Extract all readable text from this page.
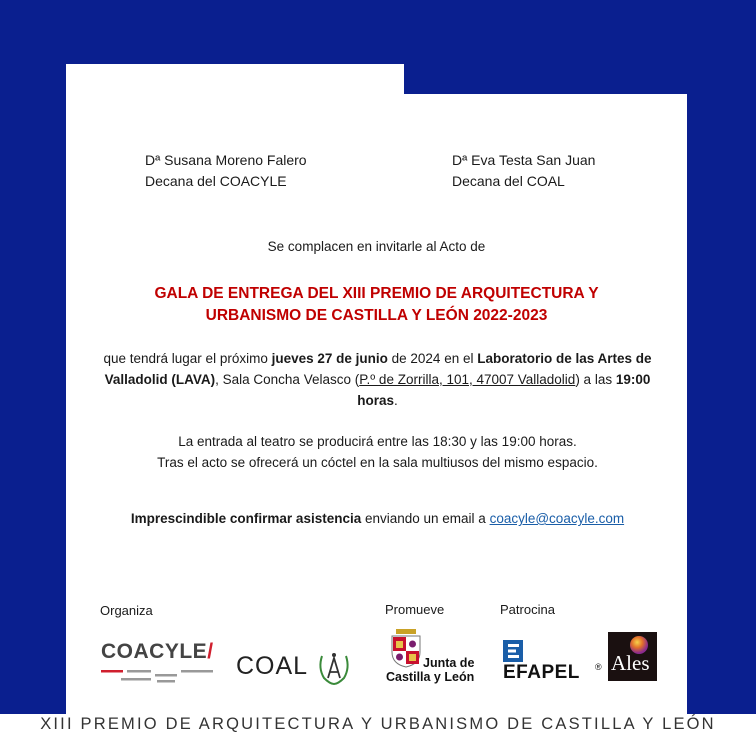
Dª Susana Moreno Falero
Decana del COACYLE
Dª Eva Testa San Juan
Decana del COAL
Se complacen en invitarle al Acto de
GALA DE ENTREGA DEL XIII PREMIO DE ARQUITECTURA Y
URBANISMO DE CASTILLA Y LEÓN 2022-2023
que tendrá lugar el próximo jueves 27 de junio de 2024 en el Laboratorio de las Artes de Valladolid (LAVA), Sala Concha Velasco (P.º de Zorrilla, 101, 47007 Valladolid) a las 19:00 horas.
La entrada al teatro se producirá entre las 18:30 y las 19:00 horas.
Tras el acto se ofrecerá un cóctel en la sala multiusos del mismo espacio.
Imprescindible confirmar asistencia enviando un email a coacyle@coacyle.com
Organiza	Promueve	Patrocina
COACYLE/
COAL	Junta de
Castilla y León EFAPEL ® Ales
XIII PREMIO DE ARQUITECTURA Y URBANISMO DE CASTILLA Y LEÓN
